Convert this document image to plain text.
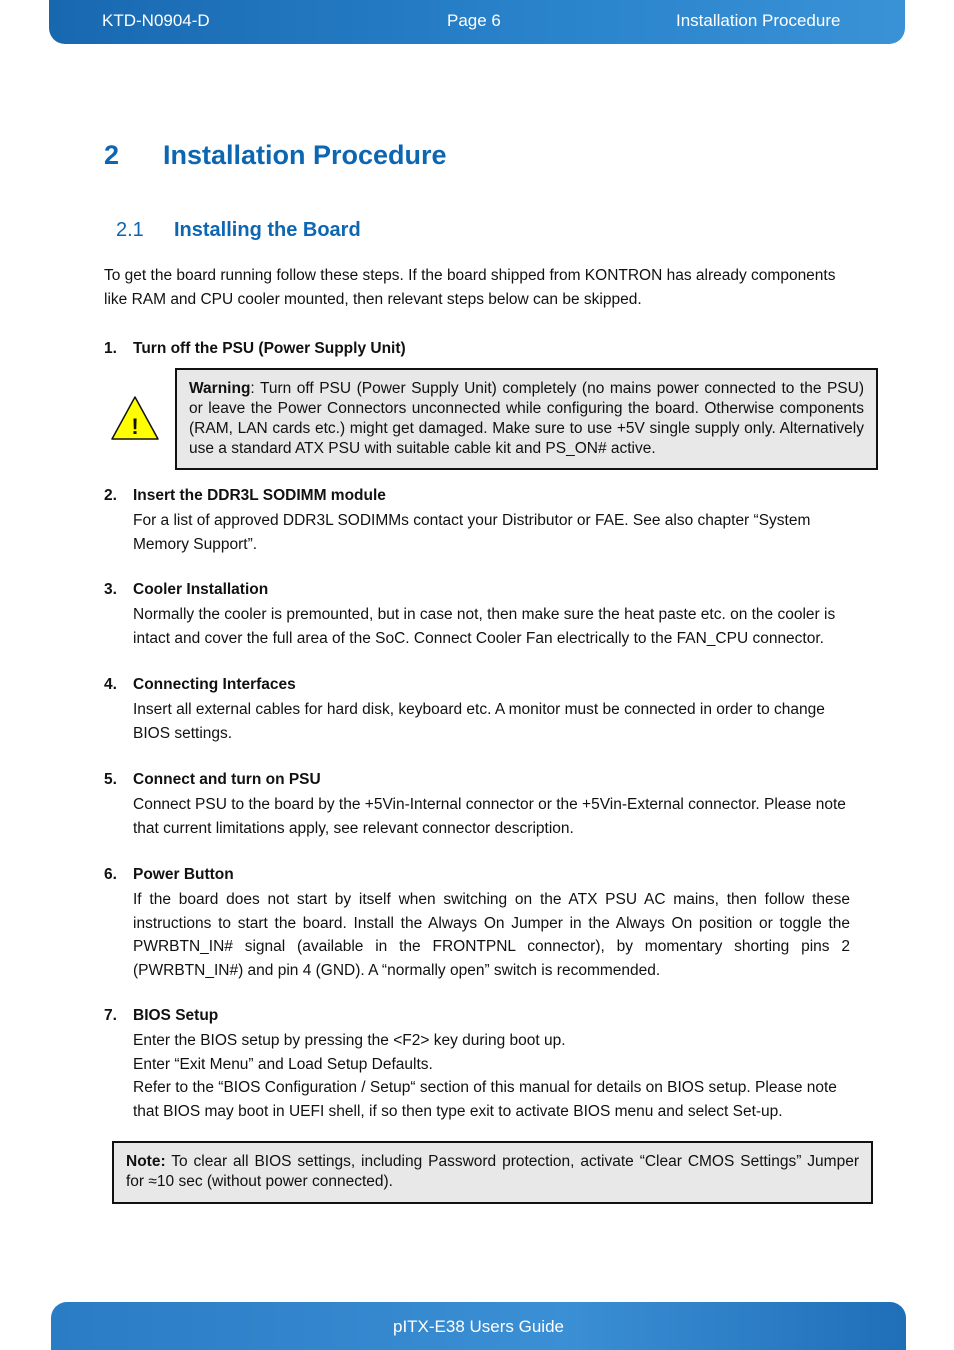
KTD-N0904-D	Page 6	Installation Procedure
2 Installation Procedure
2.1 Installing the Board
To get the board running follow these steps. If the board shipped from KONTRON has already components like RAM and CPU cooler mounted, then relevant steps below can be skipped.
1. Turn off the PSU (Power Supply Unit)
!
Warning: Turn off PSU (Power Supply Unit) completely (no mains power connected to the PSU) or leave the Power Connectors unconnected while configuring the board. Otherwise components (RAM, LAN cards etc.) might get damaged. Make sure to use +5V single supply only. Alternatively use a standard ATX PSU with suitable cable kit and PS_ON# active.
2. Insert the DDR3L SODIMM module
For a list of approved DDR3L SODIMMs contact your Distributor or FAE. See also chapter “System Memory Support”.
3. Cooler Installation
Normally the cooler is premounted, but in case not, then make sure the heat paste etc. on the cooler is intact and cover the full area of the SoC. Connect Cooler Fan electrically to the FAN_CPU connector.
4. Connecting Interfaces
Insert all external cables for hard disk, keyboard etc. A monitor must be connected in order to change BIOS settings.
5. Connect and turn on PSU
Connect PSU to the board by the +5Vin-Internal connector or the +5Vin-External connector. Please note that current limitations apply, see relevant connector description.
6. Power Button
If the board does not start by itself when switching on the ATX PSU AC mains, then follow these instructions to start the board. Install the Always On Jumper in the Always On position or toggle the PWRBTN_IN# signal (available in the FRONTPNL connector), by momentary shorting pins 2 (PWRBTN_IN#) and pin 4 (GND). A “normally open” switch is recommended.
7. BIOS Setup
Enter the BIOS setup by pressing the <F2> key during boot up.
Enter “Exit Menu” and Load Setup Defaults.
Refer to the “BIOS Configuration / Setup“ section of this manual for details on BIOS setup. Please note that BIOS may boot in UEFI shell, if so then type exit to activate BIOS menu and select Set-up.
Note: To clear all BIOS settings, including Password protection, activate “Clear CMOS Settings” Jumper for ≈10 sec (without power connected).
pITX-E38 Users Guide
